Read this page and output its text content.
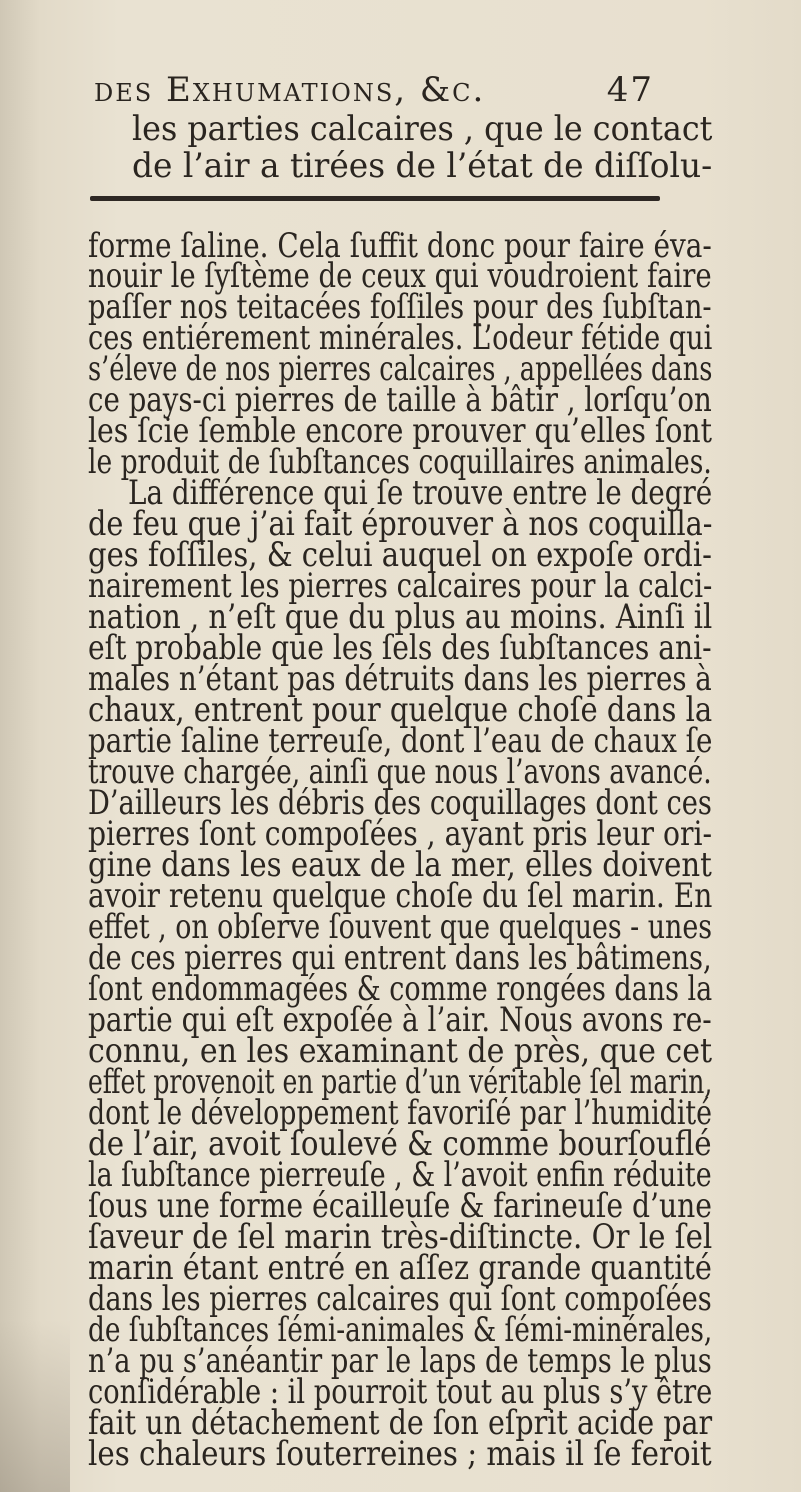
des Exhumations, &c.	47
les parties calcaires , que le contact
de l’air a tirées de l’état de diſſolu-
forme ſaline. Cela ſuffit donc pour faire éva-
nouir le ſyſtème de ceux qui voudroient faire
paſſer nos teitacées foſſiles pour des ſubſtan-
ces entiérement minérales. L’odeur fétide qui
s’éleve de nos pierres calcaires , appellées dans
ce pays-ci pierres de taille à bâtir , lorſqu’on
les ſcie ſemble encore prouver qu’elles ſont
le produit de ſubſtances coquillaires animales.
La différence qui ſe trouve entre le degré
de feu que j’ai fait éprouver à nos coquilla-
ges foſſiles, & celui auquel on expoſe ordi-
nairement les pierres calcaires pour la calci-
nation , n’eſt que du plus au moins. Ainſi il
eſt probable que les ſels des ſubſtances ani-
males n’étant pas détruits dans les pierres à
chaux, entrent pour quelque choſe dans la
partie ſaline terreuſe, dont l’eau de chaux ſe
trouve chargée, ainſi que nous l’avons avancé.
D’ailleurs les débris des coquillages dont ces
pierres ſont compoſées , ayant pris leur ori-
gine dans les eaux de la mer, elles doivent
avoir retenu quelque choſe du ſel marin. En
effet , on obſerve ſouvent que quelques - unes
de ces pierres qui entrent dans les bâtimens,
ſont endommagées & comme rongées dans la
partie qui eſt expoſée à l’air. Nous avons re-
connu, en les examinant de près, que cet
effet provenoit en partie d’un véritable ſel marin,
dont le développement favoriſé par l’humidité
de l’air, avoit ſoulevé & comme bourſouflé
la ſubſtance pierreuſe , & l’avoit enfin réduite
ſous une forme écailleuſe & farineuſe d’une
ſaveur de ſel marin très-diſtincte. Or le ſel
marin étant entré en aſſez grande quantité
dans les pierres calcaires qui ſont compoſées
de ſubſtances ſémi-animales & ſémi-minérales,
n’a pu s’anéantir par le laps de temps le plus
conſidérable : il pourroit tout au plus s’y être
fait un détachement de ſon eſprit acide par
les chaleurs ſouterreines ; mais il ſe feroit
